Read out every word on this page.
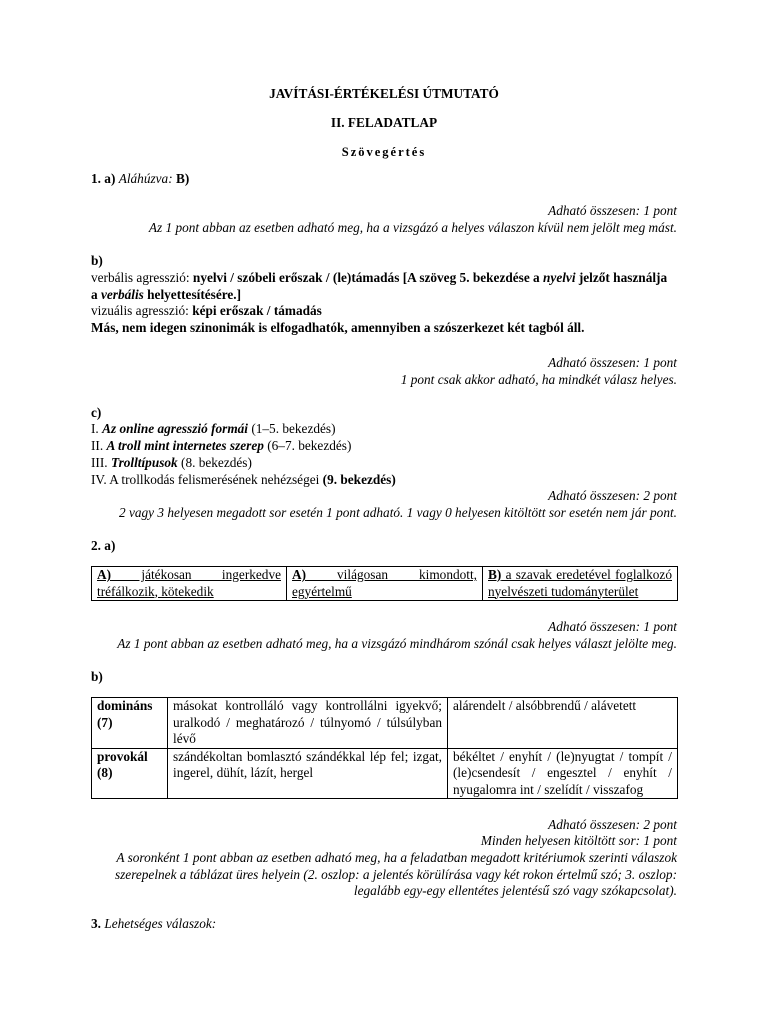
JAVÍTÁSI-ÉRTÉKELÉSI ÚTMUTATÓ

II. FELADATLAP

Szövegértés

1. a) Aláhúzva: B)

Adható összesen: 1 pont

Az 1 pont abban az esetben adható meg, ha a vizsgázó a helyes válaszon kívül nem jelölt meg mást.

b)

verbális agresszió: nyelvi / szóbeli erőszak / (le)támadás [A szöveg 5. bekezdése a nyelvi jelzőt használja a verbális helyettesítésére.]

vizuális agresszió: képi erőszak / támadás

Más, nem idegen szinonimák is elfogadhatók, amennyiben a szószerkezet két tagból áll.

Adható összesen: 1 pont

1 pont csak akkor adható, ha mindkét válasz helyes.

c)

I. Az online agresszió formái (1–5. bekezdés)

II. A troll mint internetes szerep (6–7. bekezdés)

III. Trolltípusok (8. bekezdés)

IV. A trollkodás felismerésének nehézségei (9. bekezdés)

Adható összesen: 2 pont

2 vagy 3 helyesen megadott sor esetén 1 pont adható. 1 vagy 0 helyesen kitöltött sor esetén nem jár pont.

2. a)

A) játékosan ingerkedve tréfálkozik, kötekedik	A) világosan kimondott, egyértelmű	B) a szavak eredetével foglalkozó nyelvészeti tudományterület

Adható összesen: 1 pont

Az 1 pont abban az esetben adható meg, ha a vizsgázó mindhárom szónál csak helyes választ jelölte meg.

b)

domináns
(7)	másokat kontrolláló vagy kontrollálni igyekvő; uralkodó / meghatározó / túlnyomó / túlsúlyban lévő	alárendelt / alsóbbrendű / alávetett
provokál
(8)	szándékoltan bomlasztó szándékkal lép fel; izgat, ingerel, dühít, lázít, hergel	békéltet / enyhít / (le)nyugtat / tompít / (le)csendesít / engesztel / enyhít / nyugalomra int / szelídít / visszafog

Adható összesen: 2 pont

Minden helyesen kitöltött sor: 1 pont

A soronként 1 pont abban az esetben adható meg, ha a feladatban megadott kritériumok szerinti válaszok szerepelnek a táblázat üres helyein (2. oszlop: a jelentés körülírása vagy két rokon értelmű szó; 3. oszlop: legalább egy-egy ellentétes jelentésű szó vagy szókapcsolat).

3. Lehetséges válaszok:
